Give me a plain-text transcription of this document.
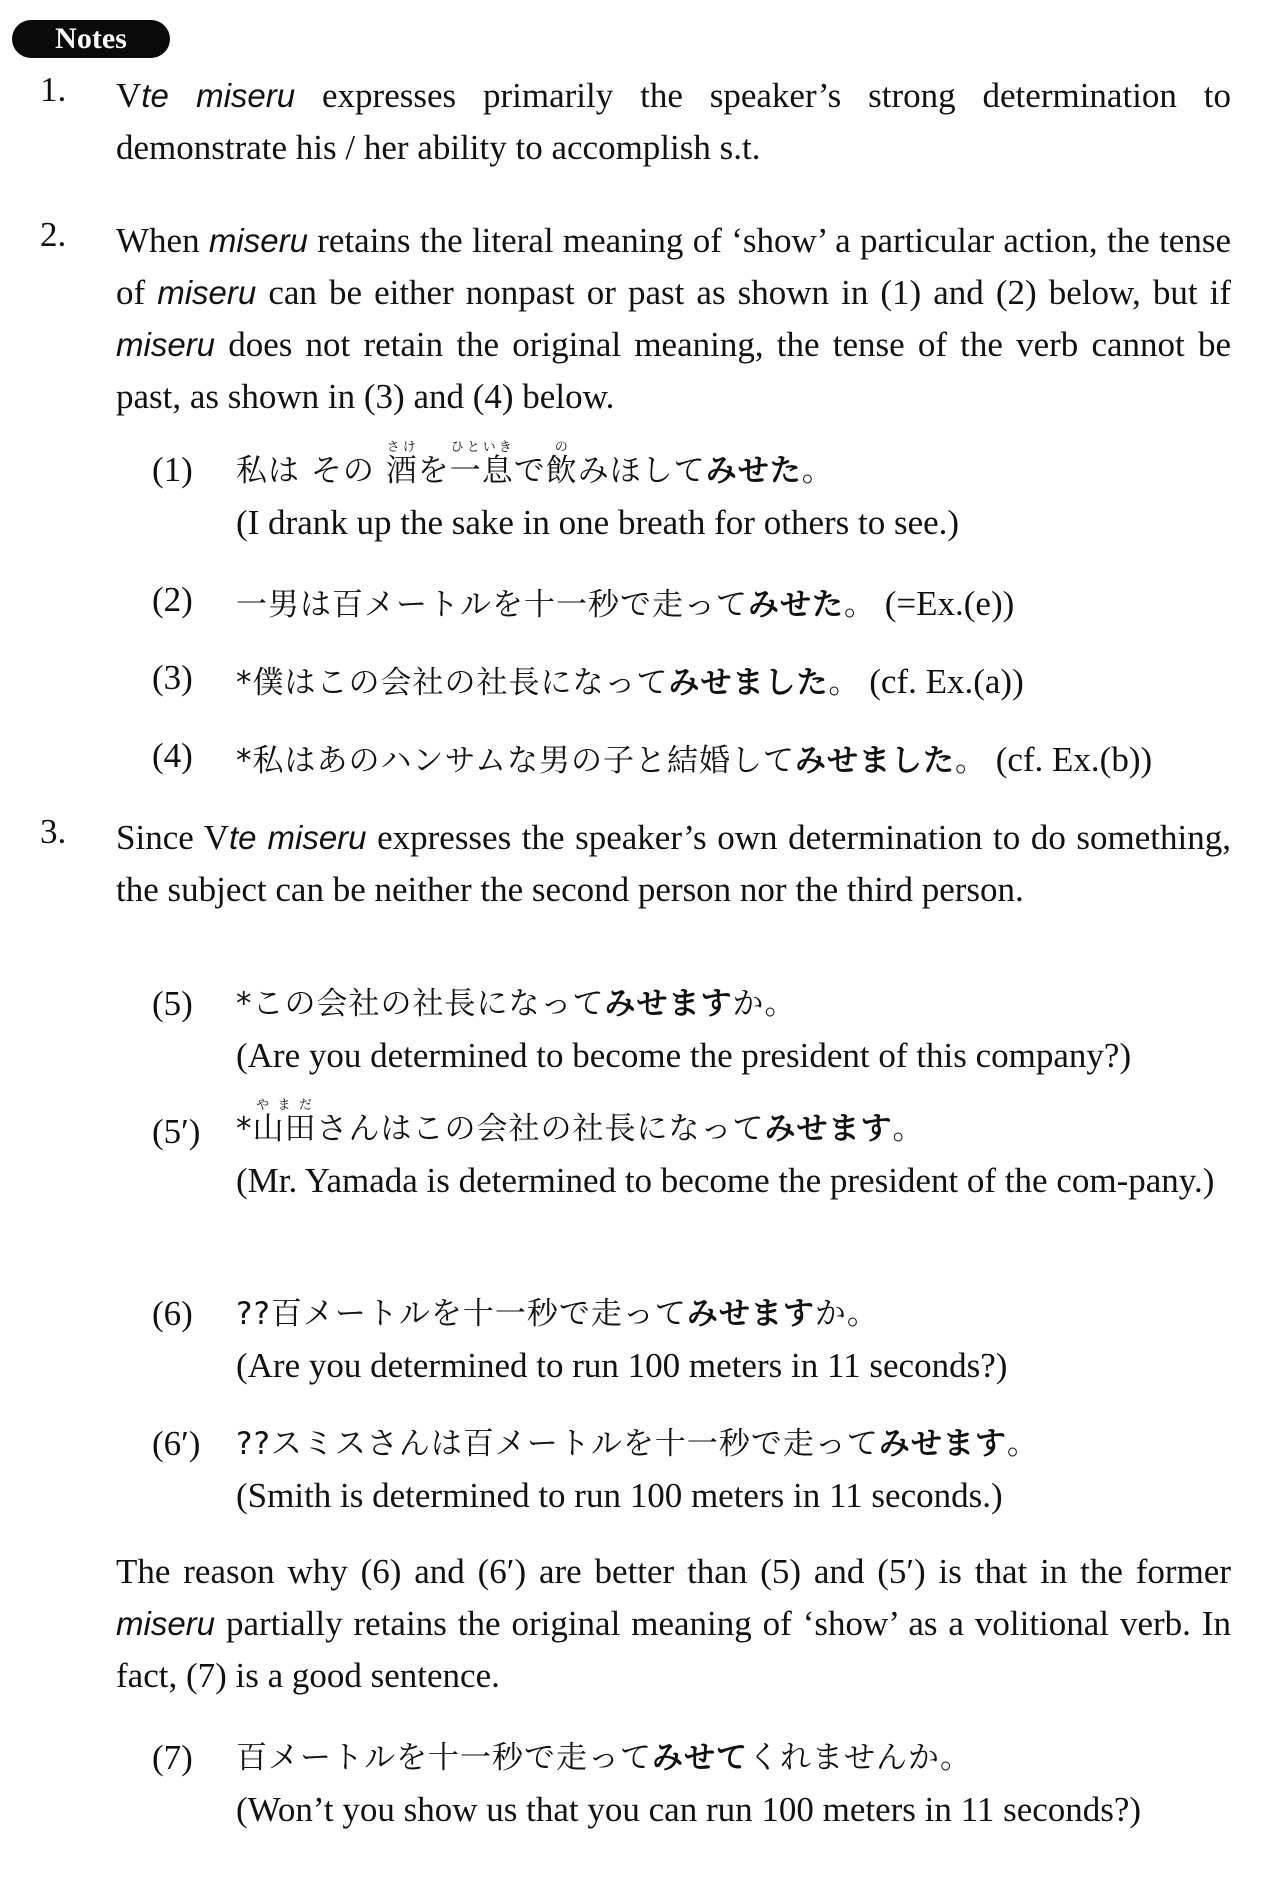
Notes
1. Vte miseru expresses primarily the speaker’s strong determination to demonstrate his / her ability to accomplish s.t.
2. When miseru retains the literal meaning of ‘show’ a particular action, the tense of miseru can be either nonpast or past as shown in (1) and (2) below, but if miseru does not retain the original meaning, the tense of the verb cannot be past, as shown in (3) and (4) below.
(1) 私は その 酒さけを一息ひといきで飲のみほしてみせた。
(I drank up the sake in one breath for others to see.)
(2) 一男は百メートルを十一秒で走ってみせた。 (=Ex.(e))
(3) *僕はこの会社の社長になってみせました。 (cf. Ex.(a))
(4) *私はあのハンサムな男の子と結婚してみせました。 (cf. Ex.(b))
3. Since Vte miseru expresses the speaker’s own determination to do something, the subject can be neither the second person nor the third person.
(5) *この会社の社長になってみせますか。
(Are you determined to become the president of this company?)
(5′) *山田やまださんはこの会社の社長になってみせます。
(Mr. Yamada is determined to become the president of the com-pany.)
(6) ??百メートルを十一秒で走ってみせますか。
(Are you determined to run 100 meters in 11 seconds?)
(6′) ??スミスさんは百メートルを十一秒で走ってみせます。
(Smith is determined to run 100 meters in 11 seconds.)
The reason why (6) and (6′) are better than (5) and (5′) is that in the former miseru partially retains the original meaning of ‘show’ as a volitional verb. In fact, (7) is a good sentence.
(7) 百メートルを十一秒で走ってみせてくれませんか。
(Won’t you show us that you can run 100 meters in 11 seconds?)
